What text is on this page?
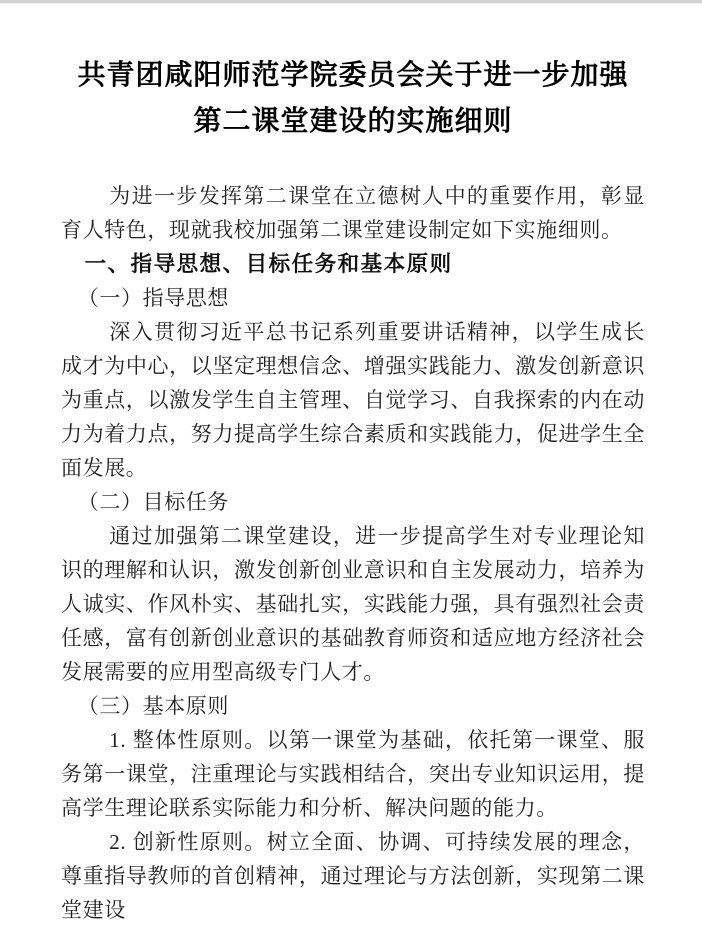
共青团咸阳师范学院委员会关于进一步加强
第二课堂建设的实施细则

为进一步发挥第二课堂在立德树人中的重要作用，彰显育人特色，现就我校加强第二课堂建设制定如下实施细则。

一、指导思想、目标任务和基本原则

（一）指导思想

深入贯彻习近平总书记系列重要讲话精神，以学生成长成才为中心，以坚定理想信念、增强实践能力、激发创新意识为重点，以激发学生自主管理、自觉学习、自我探索的内在动力为着力点，努力提高学生综合素质和实践能力，促进学生全面发展。

（二）目标任务

通过加强第二课堂建设，进一步提高学生对专业理论知识的理解和认识，激发创新创业意识和自主发展动力，培养为人诚实、作风朴实、基础扎实，实践能力强，具有强烈社会责任感，富有创新创业意识的基础教育师资和适应地方经济社会发展需要的应用型高级专门人才。

（三）基本原则

1. 整体性原则。以第一课堂为基础，依托第一课堂、服务第一课堂，注重理论与实践相结合，突出专业知识运用，提高学生理论联系实际能力和分析、解决问题的能力。

2. 创新性原则。树立全面、协调、可持续发展的理念，尊重指导教师的首创精神，通过理论与方法创新，实现第二课堂建设
